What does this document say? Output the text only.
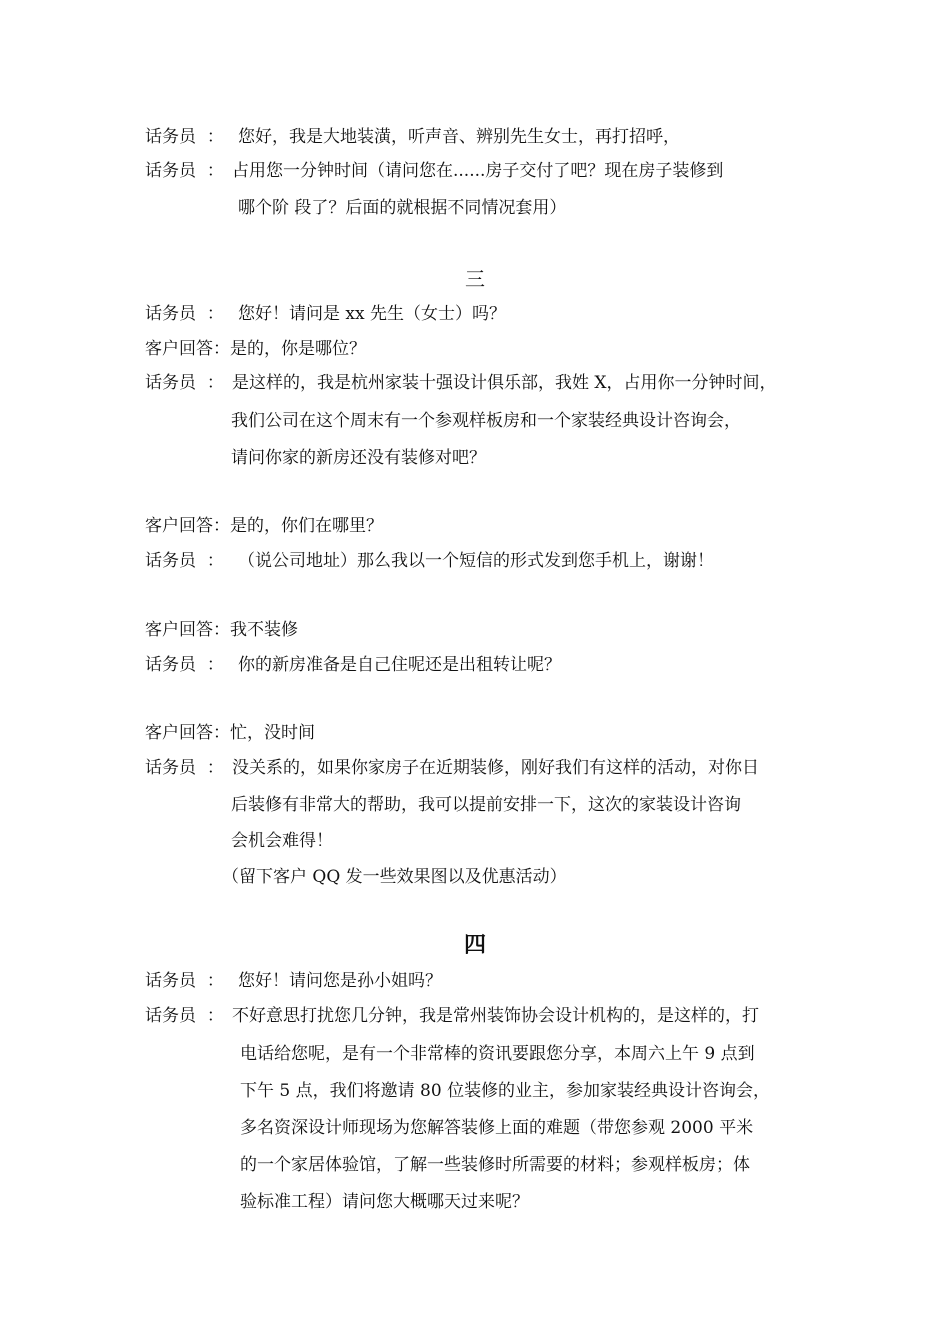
话务员 ： 您好，我是大地装潢，听声音、辨别先生女士，再打招呼，
话务员 ： 占用您一分钟时间（请问您在......房子交付了吧？现在房子装修到
哪个阶 段了？后面的就根据不同情况套用）
三
话务员 ： 您好！请问是 xx 先生（女士）吗？
客户回答：是的，你是哪位？
话务员 ： 是这样的，我是杭州家装十强设计俱乐部，我姓 X，占用你一分钟时间，
我们公司在这个周末有一个参观样板房和一个家装经典设计咨询会，
请问你家的新房还没有装修对吧？
客户回答：是的，你们在哪里？
话务员 ： （说公司地址）那么我以一个短信的形式发到您手机上，谢谢！
客户回答：我不装修
话务员 ： 你的新房准备是自己住呢还是出租转让呢？
客户回答：忙，没时间
话务员 ： 没关系的，如果你家房子在近期装修，刚好我们有这样的活动，对你日
后装修有非常大的帮助，我可以提前安排一下，这次的家装设计咨询
会机会难得！
（留下客户 QQ 发一些效果图以及优惠活动）
四
话务员 ： 您好！请问您是孙小姐吗？
话务员 ： 不好意思打扰您几分钟，我是常州装饰协会设计机构的，是这样的，打
电话给您呢，是有一个非常棒的资讯要跟您分享，本周六上午 9 点到
下午 5 点，我们将邀请 80 位装修的业主，参加家装经典设计咨询会，
多名资深设计师现场为您解答装修上面的难题（带您参观 2000 平米
的一个家居体验馆，了解一些装修时所需要的材料；参观样板房；体
验标准工程）请问您大概哪天过来呢？
